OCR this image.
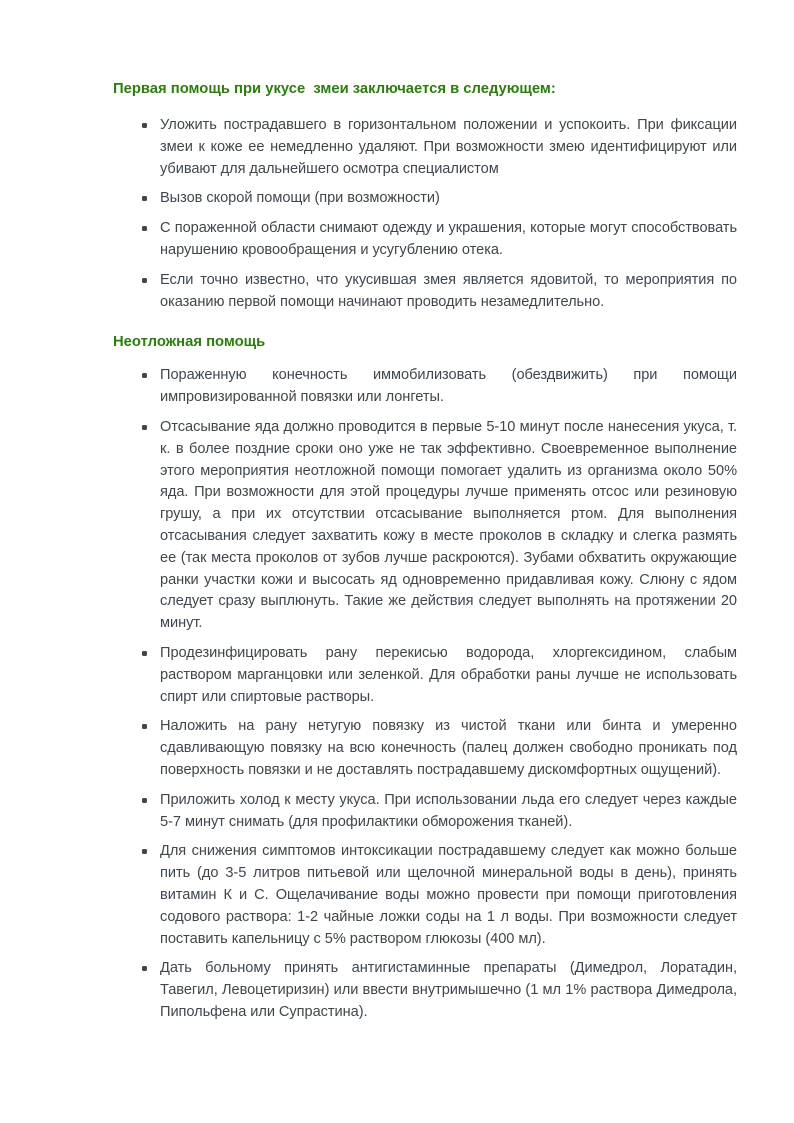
Первая помощь при укусе  змеи заключается в следующем:
Уложить пострадавшего в горизонтальном положении и успокоить. При фиксации змеи к коже ее немедленно удаляют. При возможности змею идентифицируют или убивают для дальнейшего осмотра специалистом
Вызов скорой помощи (при возможности)
С пораженной области снимают одежду и украшения, которые могут способствовать нарушению кровообращения и усугублению отека.
Если точно известно, что укусившая змея является ядовитой, то мероприятия по оказанию первой помощи начинают проводить незамедлительно.
Неотложная помощь
Пораженную конечность иммобилизовать (обездвижить) при помощи импровизированной повязки или лонгеты.
Отсасывание яда должно проводится в первые 5-10 минут после нанесения укуса, т. к. в более поздние сроки оно уже не так эффективно. Своевременное выполнение этого мероприятия неотложной помощи помогает удалить из организма около 50% яда. При возможности для этой процедуры лучше применять отсос или резиновую грушу, а при их отсутствии отсасывание выполняется ртом. Для выполнения отсасывания следует захватить кожу в месте проколов в складку и слегка размять ее (так места проколов от зубов лучше раскроются). Зубами обхватить окружающие ранки участки кожи и высосать яд одновременно придавливая кожу. Слюну с ядом следует сразу выплюнуть. Такие же действия следует выполнять на протяжении 20 минут.
Продезинфицировать рану перекисью водорода, хлоргексидином, слабым раствором марганцовки или зеленкой. Для обработки раны лучше не использовать спирт или спиртовые растворы.
Наложить на рану нетугую повязку из чистой ткани или бинта и умеренно сдавливающую повязку на всю конечность (палец должен свободно проникать под поверхность повязки и не доставлять пострадавшему дискомфортных ощущений).
Приложить холод к месту укуса. При использовании льда его следует через каждые 5-7 минут снимать (для профилактики обморожения тканей).
Для снижения симптомов интоксикации пострадавшему следует как можно больше пить (до 3-5 литров питьевой или щелочной минеральной воды в день), принять витамин К и С. Ощелачивание воды можно провести при помощи приготовления содового раствора: 1-2 чайные ложки соды на 1 л воды. При возможности следует поставить капельницу с 5% раствором глюкозы (400 мл).
Дать больному принять антигистаминные препараты (Димедрол, Лоратадин, Тавегил, Левоцетиризин) или ввести внутримышечно (1 мл 1% раствора Димедрола, Пипольфена или Супрастина).
